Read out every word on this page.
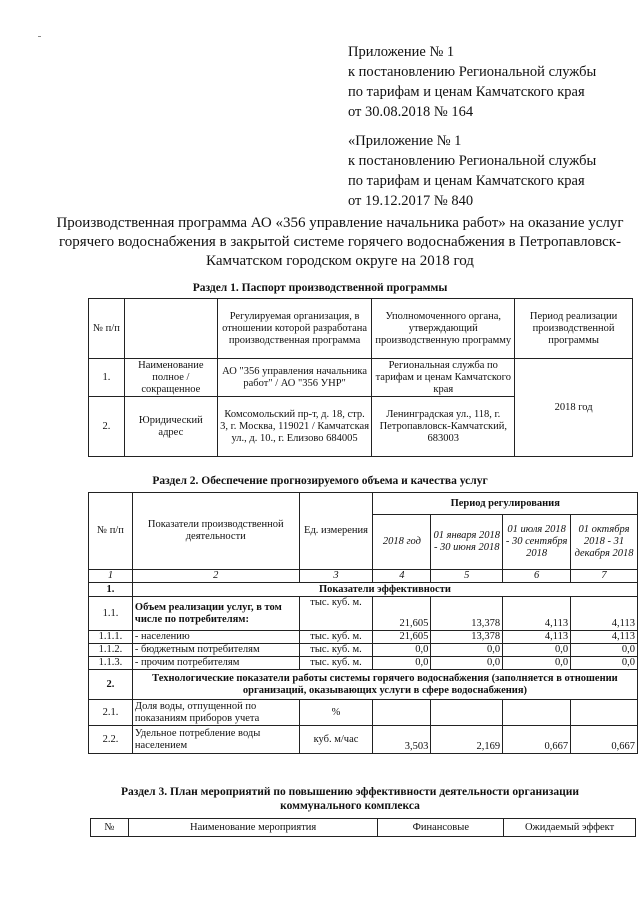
Приложение № 1
к постановлению Региональной службы
по тарифам и ценам Камчатского края
от 30.08.2018 № 164
«Приложение № 1
к постановлению Региональной службы
по тарифам и ценам Камчатского края
от 19.12.2017 № 840
Производственная программа АО «356 управление начальника работ» на оказание услуг горячего водоснабжения в закрытой системе горячего водоснабжения в Петропавловск-Камчатском городском округе на 2018 год
Раздел 1. Паспорт производственной программы
№ п/п		Регулируемая организация, в отношении которой разработана производственная программа	Уполномоченного органа, утверждающий производственную программу	Период реализации производственной программы
1.	Наименование полное / сокращенное	АО "356 управления начальника работ" / АО "356 УНР"	Региональная служба по тарифам и ценам Камчатского края	2018 год
2.	Юридический адрес	Комсомольский пр-т, д. 18, стр. 3, г. Москва, 119021 / Камчатская ул., д. 10., г. Елизово 684005	Ленинградская ул., 118, г. Петропавловск-Камчатский, 683003	
Раздел 2. Обеспечение прогнозируемого объема и качества услуг
№ п/п	Показатели производственной деятельности	Ед. измерения	Период регулирования			
			2018 год	01 января 2018 - 30 июня 2018	01 июля 2018 - 30 сентября 2018	01 октября 2018 - 31 декабря 2018
1	2	3	4	5	6	7
1.	Показатели эффективности					
1.1.	Объем реализации услуг, в том числе по потребителям:	тыс. куб. м.	21,605	13,378	4,113	4,113
1.1.1.	- населению	тыс. куб. м.	21,605	13,378	4,113	4,113
1.1.2.	- бюджетным потребителям	тыс. куб. м.	0,0	0,0	0,0	0,0
1.1.3.	- прочим потребителям	тыс. куб. м.	0,0	0,0	0,0	0,0
2.	Технологические показатели работы системы горячего водоснабжения (заполняется в отношении организаций, оказывающих услуги в сфере водоснабжения)					
2.1.	Доля воды, отпущенной по показаниям приборов учета	%				
2.2.	Удельное потребление воды населением	куб. м/час	3,503	2,169	0,667	0,667
Раздел 3. План мероприятий по повышению эффективности деятельности организации коммунального комплекса
№	Наименование мероприятия	Финансовые	Ожидаемый эффект
